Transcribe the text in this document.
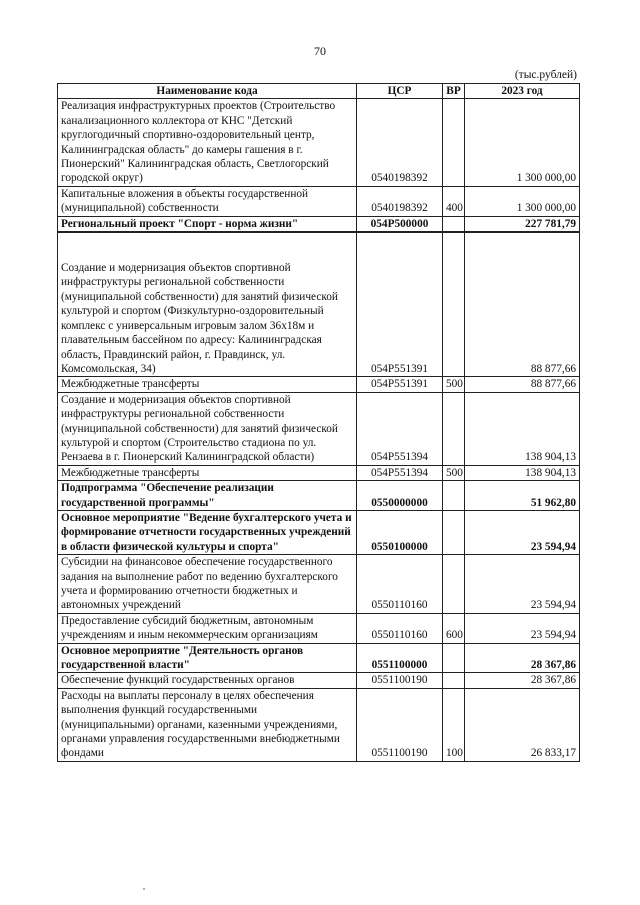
70
(тыс.рублей)
Наименование кода	ЦСР	ВР	2023 год
Реализация инфраструктурных проектов (Строительство канализационного коллектора от КНС "Детский круглогодичный спортивно-оздоровительный центр, Калининградская область" до камеры гашения в г. Пионерский" Калининградская область, Светлогорский городской округ)	0540198392		1 300 000,00
Капитальные вложения в объекты государственной (муниципальной) собственности	0540198392	400	1 300 000,00
Региональный проект "Спорт - норма жизни"	054P500000		227 781,79

Создание и модернизация объектов спортивной инфраструктуры региональной собственности (муниципальной собственности) для занятий физической культурой и спортом (Физкультурно-оздоровительный комплекс с универсальным игровым залом 36х18м и плавательным бассейном по адресу: Калининградская область, Правдинский район, г. Правдинск, ул. Комсомольская, 34)	054P551391		88 877,66
Межбюджетные трансферты	054P551391	500	88 877,66
Создание и модернизация объектов спортивной инфраструктуры региональной собственности (муниципальной собственности) для занятий физической культурой и спортом (Строительство стадиона по ул. Рензаева в г. Пионерский Калининградской области)	054P551394		138 904,13
Межбюджетные трансферты	054P551394	500	138 904,13
Подпрограмма "Обеспечение реализации государственной программы"	0550000000		51 962,80
Основное мероприятие "Ведение бухгалтерского учета и формирование отчетности государственных учреждений в области физической культуры и спорта"	0550100000		23 594,94
Субсидии на финансовое обеспечение государственного задания на выполнение работ по ведению бухгалтерского учета и формированию отчетности бюджетных и автономных учреждений	0550110160		23 594,94
Предоставление субсидий бюджетным, автономным учреждениям и иным некоммерческим организациям	0550110160	600	23 594,94
Основное мероприятие "Деятельность органов государственной власти"	0551100000		28 367,86
Обеспечение функций государственных органов	0551100190		28 367,86
Расходы на выплаты персоналу в целях обеспечения выполнения функций государственными (муниципальными) органами, казенными учреждениями, органами управления государственными внебюджетными фондами	0551100190	100	26 833,17
